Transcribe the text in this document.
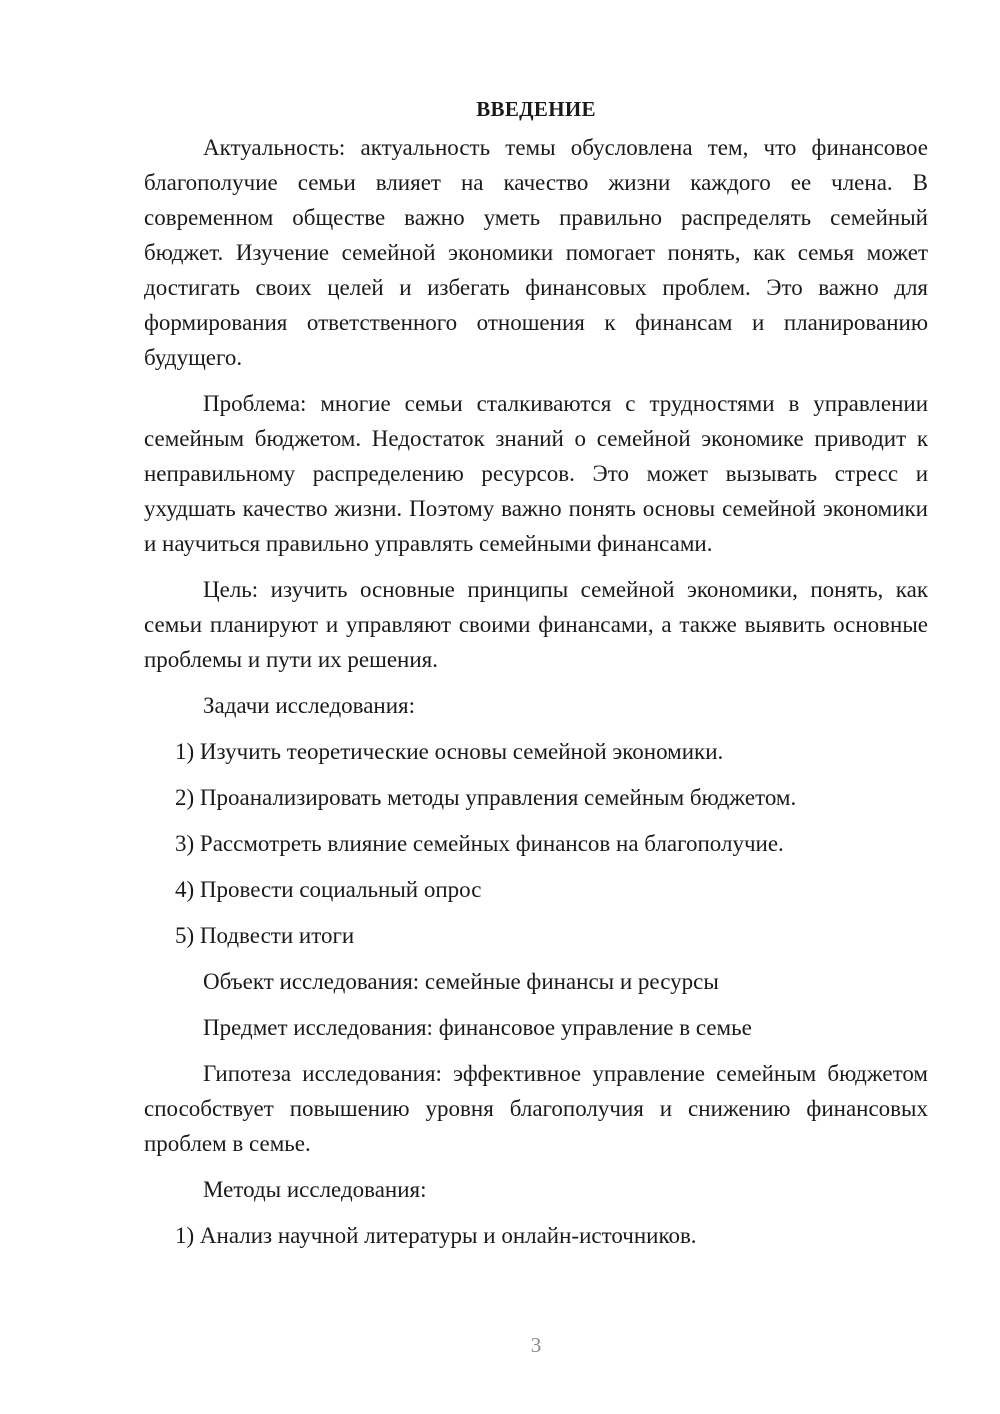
ВВЕДЕНИЕ

Актуальность: актуальность темы обусловлена тем, что финансовое благополучие семьи влияет на качество жизни каждого ее члена. В современном обществе важно уметь правильно распределять семейный бюджет. Изучение семейной экономики помогает понять, как семья может достигать своих целей и избегать финансовых проблем. Это важно для формирования ответственного отношения к финансам и планированию будущего.

Проблема: многие семьи сталкиваются с трудностями в управлении семейным бюджетом. Недостаток знаний о семейной экономике приводит к неправильному распределению ресурсов. Это может вызывать стресс и ухудшать качество жизни. Поэтому важно понять основы семейной экономики и научиться правильно управлять семейными финансами.

Цель: изучить основные принципы семейной экономики, понять, как семьи планируют и управляют своими финансами, а также выявить основные проблемы и пути их решения.

Задачи исследования:

1) Изучить теоретические основы семейной экономики.

2) Проанализировать методы управления семейным бюджетом.

3) Рассмотреть влияние семейных финансов на благополучие.

4) Провести социальный опрос

5) Подвести итоги

Объект исследования: семейные финансы и ресурсы

Предмет исследования: финансовое управление в семье

Гипотеза исследования: эффективное управление семейным бюджетом способствует повышению уровня благополучия и снижению финансовых проблем в семье.

Методы исследования:

1) Анализ научной литературы и онлайн-источников.

3
